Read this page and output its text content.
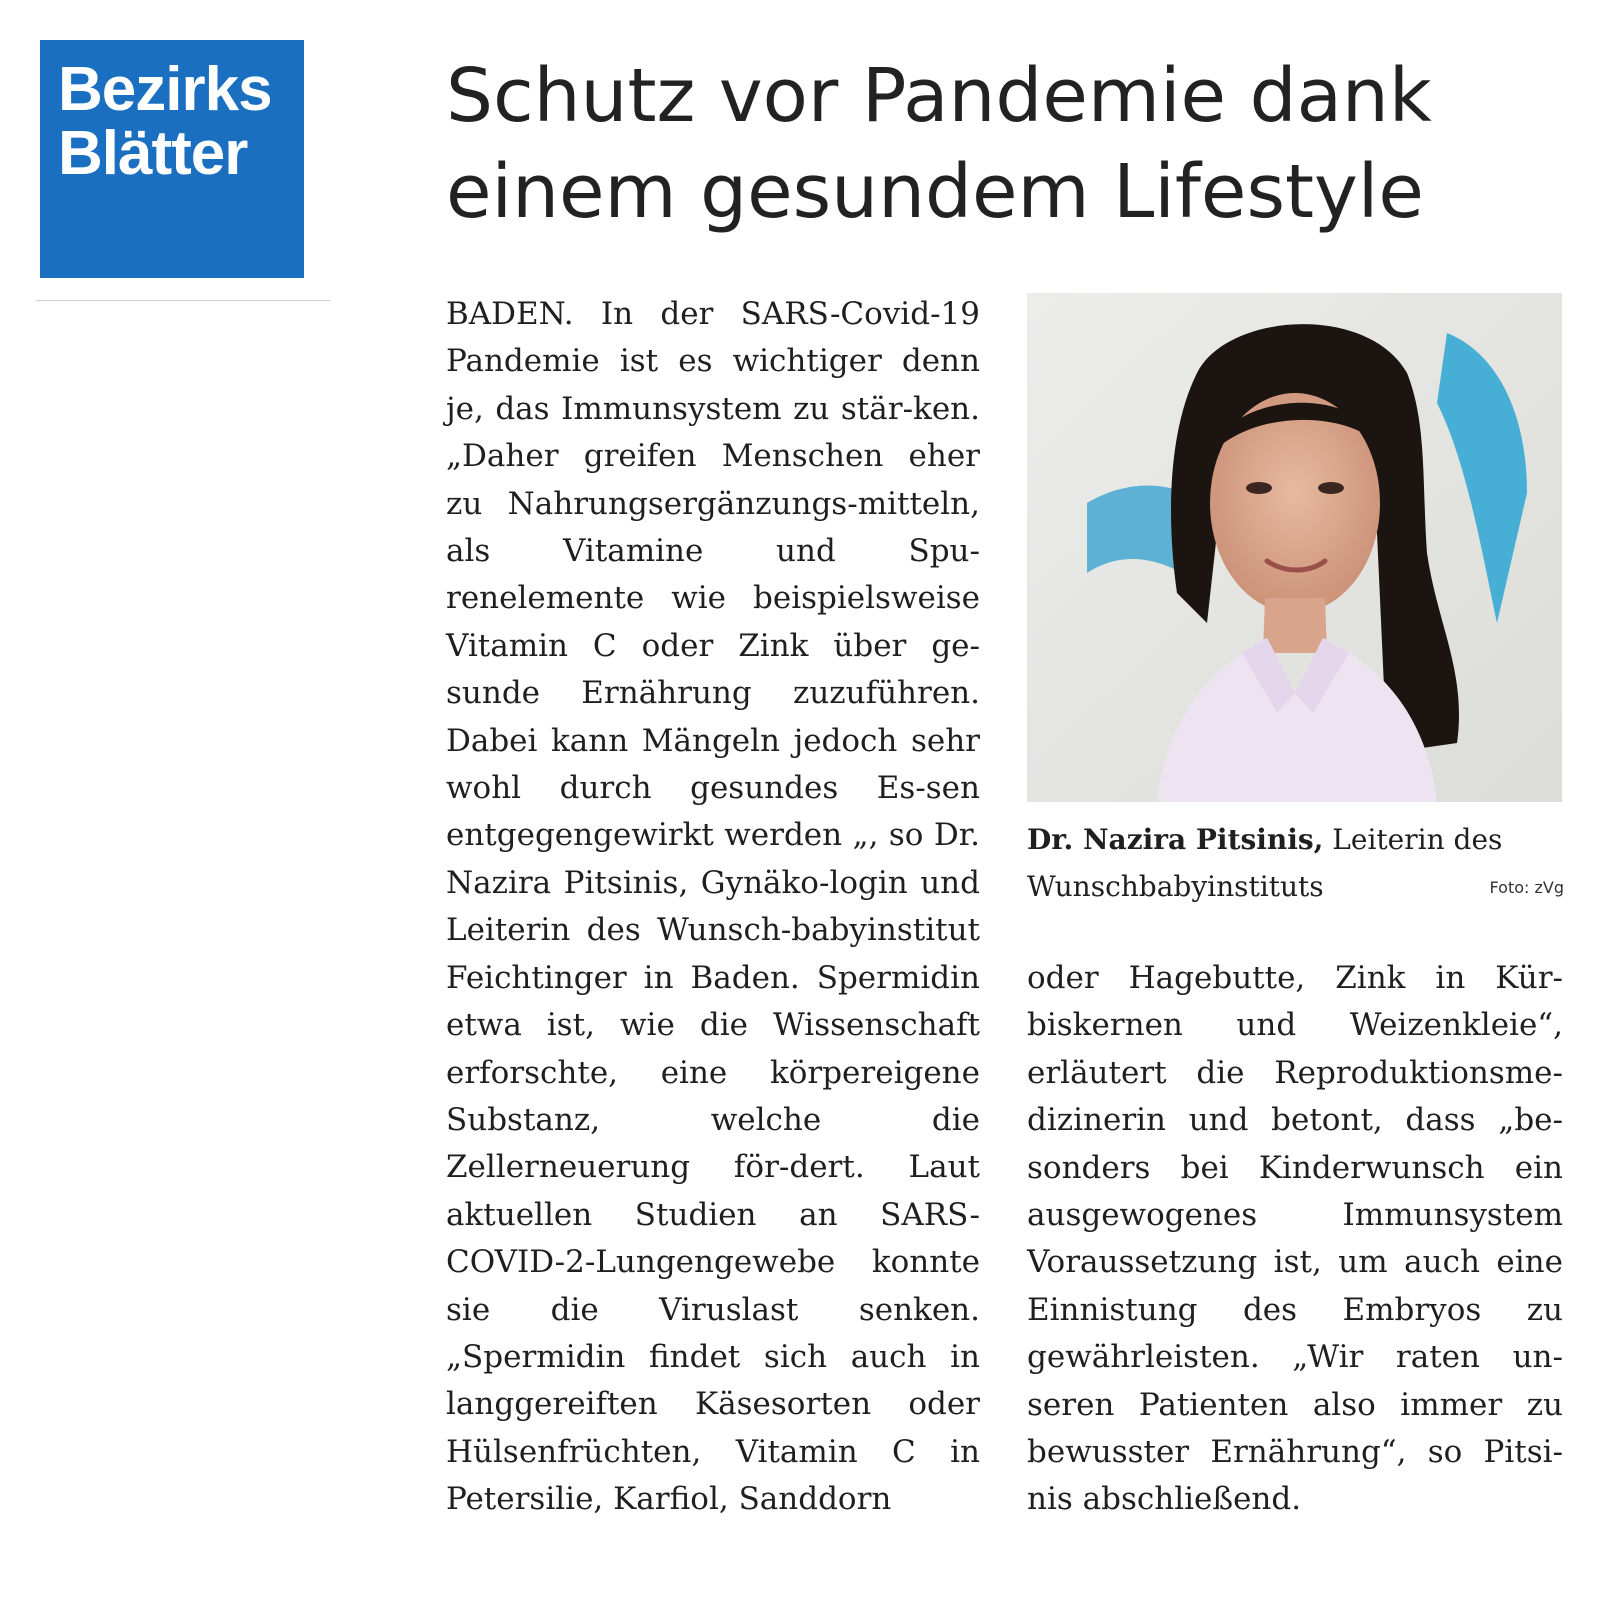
Bezirks
Blätter
Schutz vor Pandemie dank einem gesundem Lifestyle

BADEN. In der SARS-Covid-19 Pandemie ist es wichtiger denn je, das Immunsystem zu stär-ken. „Daher greifen Menschen eher zu Nahrungsergänzungs-mitteln, als Vitamine und Spu-renelemente wie beispielsweise Vitamin C oder Zink über ge-sunde Ernährung zuzuführen. Dabei kann Mängeln jedoch sehr wohl durch gesundes Es-sen entgegengewirkt werden „, so Dr. Nazira Pitsinis, Gynäko-login und Leiterin des Wunsch-babyinstitut Feichtinger in Baden. Spermidin etwa ist, wie die Wissenschaft erforschte, eine körpereigene Substanz, welche die Zellerneuerung för-dert. Laut aktuellen Studien an SARS-COVID-2-Lungengewebe konnte sie die Viruslast senken. „Spermidin findet sich auch in langgereiften Käsesorten oder Hülsenfrüchten, Vitamin C in Petersilie, Karfiol, Sanddorn

Dr. Nazira Pitsinis, Leiterin des Wunschbabyinstituts	Foto: zVg

oder Hagebutte, Zink in Kür-biskernen und Weizenkleie“, erläutert die Reproduktionsme-dizinerin und betont, dass „be-sonders bei Kinderwunsch ein ausgewogenes Immunsystem Voraussetzung ist, um auch eine Einnistung des Embryos zu gewährleisten. „Wir raten un-seren Patienten also immer zu bewusster Ernährung“, so Pitsi-nis abschließend.
